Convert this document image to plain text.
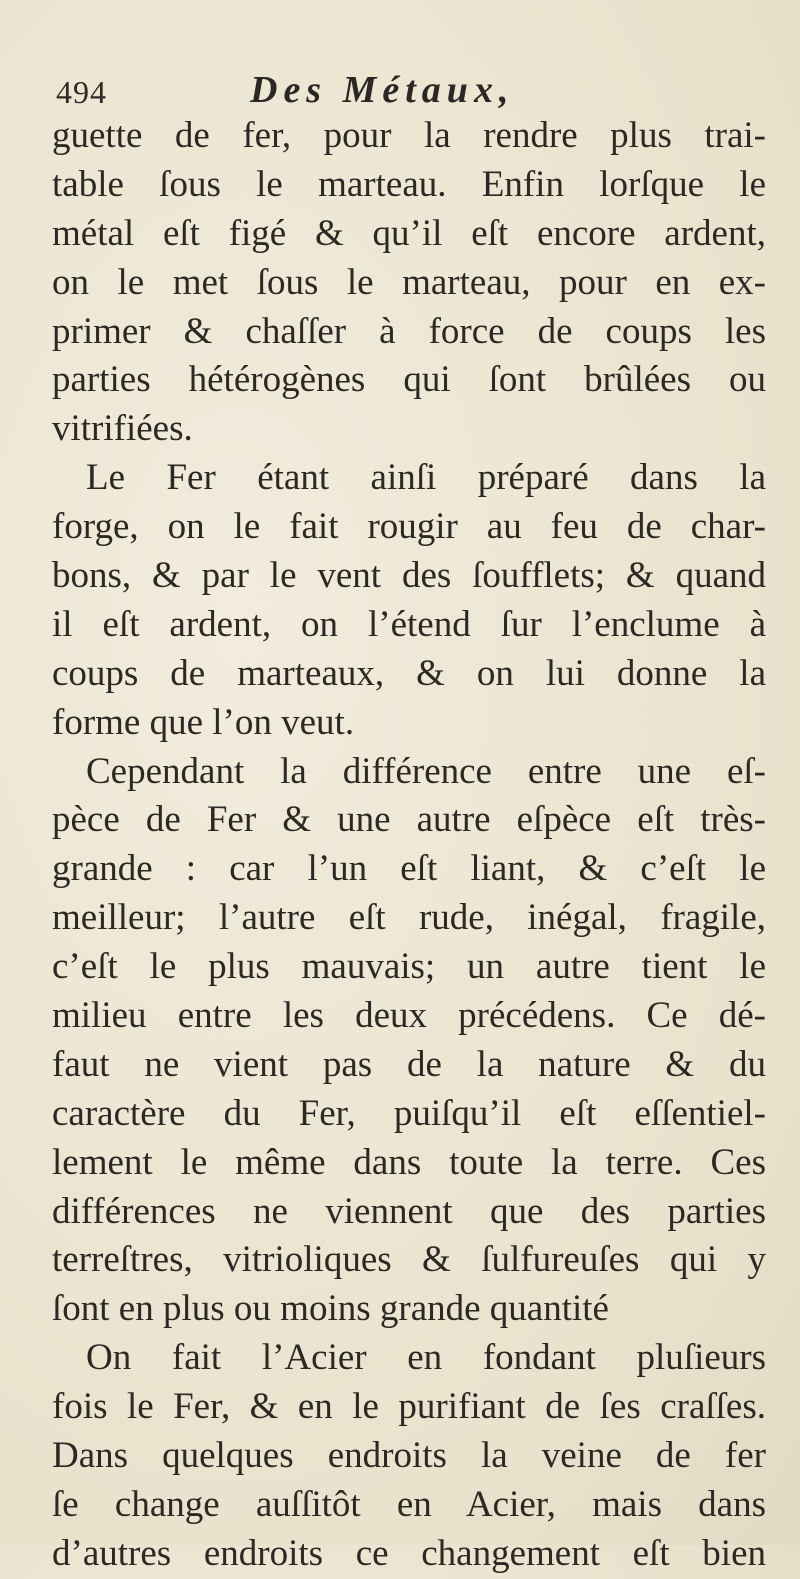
494	Des Métaux,
guette de fer, pour la rendre plus trai-
table ſous le marteau. Enfin lorſque le
métal eſt figé & qu’il eſt encore ardent,
on le met ſous le marteau, pour en ex-
primer & chaſſer à force de coups les
parties hétérogènes qui ſont brûlées ou
vitrifiées.
Le Fer étant ainſi préparé dans la
forge, on le fait rougir au feu de char-
bons, & par le vent des ſoufflets; & quand
il eſt ardent, on l’étend ſur l’enclume à
coups de marteaux, & on lui donne la
forme que l’on veut.
Cependant la différence entre une eſ-
pèce de Fer & une autre eſpèce eſt très-
grande : car l’un eſt liant, & c’eſt le
meilleur; l’autre eſt rude, inégal, fragile,
c’eſt le plus mauvais; un autre tient le
milieu entre les deux précédens. Ce dé-
faut ne vient pas de la nature & du
caractère du Fer, puiſqu’il eſt eſſentiel-
lement le même dans toute la terre. Ces
différences ne viennent que des parties
terreſtres, vitrioliques & ſulfureuſes qui y
ſont en plus ou moins grande quantité
On fait l’Acier en fondant pluſieurs
fois le Fer, & en le purifiant de ſes craſſes.
Dans quelques endroits la veine de fer
ſe change auſſitôt en Acier, mais dans
d’autres endroits ce changement eſt bien
